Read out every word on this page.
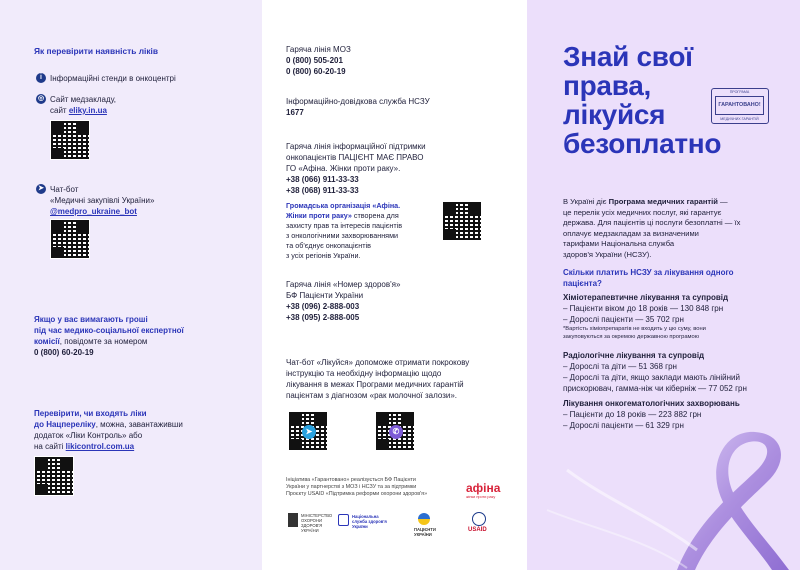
Як перевірити наявність ліків
i	Інформаційні стенди в онкоцентрі
◎ Сайт медзакладу,
сайт eliky.in.ua
➤ Чат-бот
«Медичні закупівлі України»
@medpro_ukraine_bot
Якщо у вас вимагають гроші
під час медико-соціальної експертної
комісії, повідомте за номером
0 (800) 60-20-19
Перевірити, чи входять ліки
до Нацпереліку, можна, завантаживши
додаток «Ліки Контроль» або
на сайті likicontrol.com.ua
Гаряча лінія МОЗ
0 (800) 505-201
0 (800) 60-20-19
Інформаційно-довідкова служба НСЗУ
1677
Гаряча лінія інформаційної підтримки
онкопацієнтів ПАЦІЄНТ МАЄ ПРАВО
ГО «Афіна. Жінки проти раку».
+38 (066) 911-33-33
+38 (068) 911-33-33
Громадська організація «Афіна.
Жінки проти раку» створена для
захисту прав та інтересів пацієнтів
з онкологічними захворюваннями
та об'єднує онкопацієнтів
з усіх регіонів України.
Гаряча лінія «Номер здоров'я»
БФ Пацієнти України
+38 (096) 2-888-003
+38 (095) 2-888-005
Чат-бот «Лікуйся» допоможе отримати покрокову
інструкцію та необхідну інформацію щодо
лікування в межах Програми медичних гарантій
пацієнтам з діагнозом «рак молочної залози».
➤	✆
Ініціатива «Гарантовано» реалізується БФ Пацієнти
України у партнерстві з МОЗ і НСЗУ та за підтримки
Проєкту USAID «Підтримка реформи охорони здоров'я»	афіна
жінки проти раку
МІНІСТЕРСТВО ОХОРОНИ ЗДОРОВ'Я УКРАЇНИ
Національна служба здоров'я України
ПАЦІЄНТИ УКРАЇНИ
USAID
Знай свої
права,
лікуйся
безоплатно
ПРОГРАМА
ГАРАНТОВАНО!
МЕДИЧНИХ ГАРАНТІЙ
В Україні діє Програма медичних гарантій —
це перелік усіх медичних послуг, які гарантує
держава. Для пацієнтів ці послуги безоплатні — їх
оплачує медзакладам за визначеними
тарифами Національна служба
здоров'я України (НСЗУ).
Скільки платить НСЗУ за лікування одного
пацієнта?
Хіміотерапевтичне лікування та супровід
– Пацієнти віком до 18 років — 130 848 грн
– Дорослі пацієнти — 35 702 грн
*Вартість хіміопрепаратів не входить у цю суму, вони
закуповуються за окремою державною програмою
Радіологічне лікування та супровід
– Дорослі та діти — 51 368 грн
– Дорослі та діти, якщо заклади мають лінійний
прискорювач, гамма-ніж чи кібернiж — 77 052 грн
Лікування онкогематологічних захворювань
– Пацієнти до 18 років — 223 882 грн
– Дорослі пацієнти — 61 329 грн
